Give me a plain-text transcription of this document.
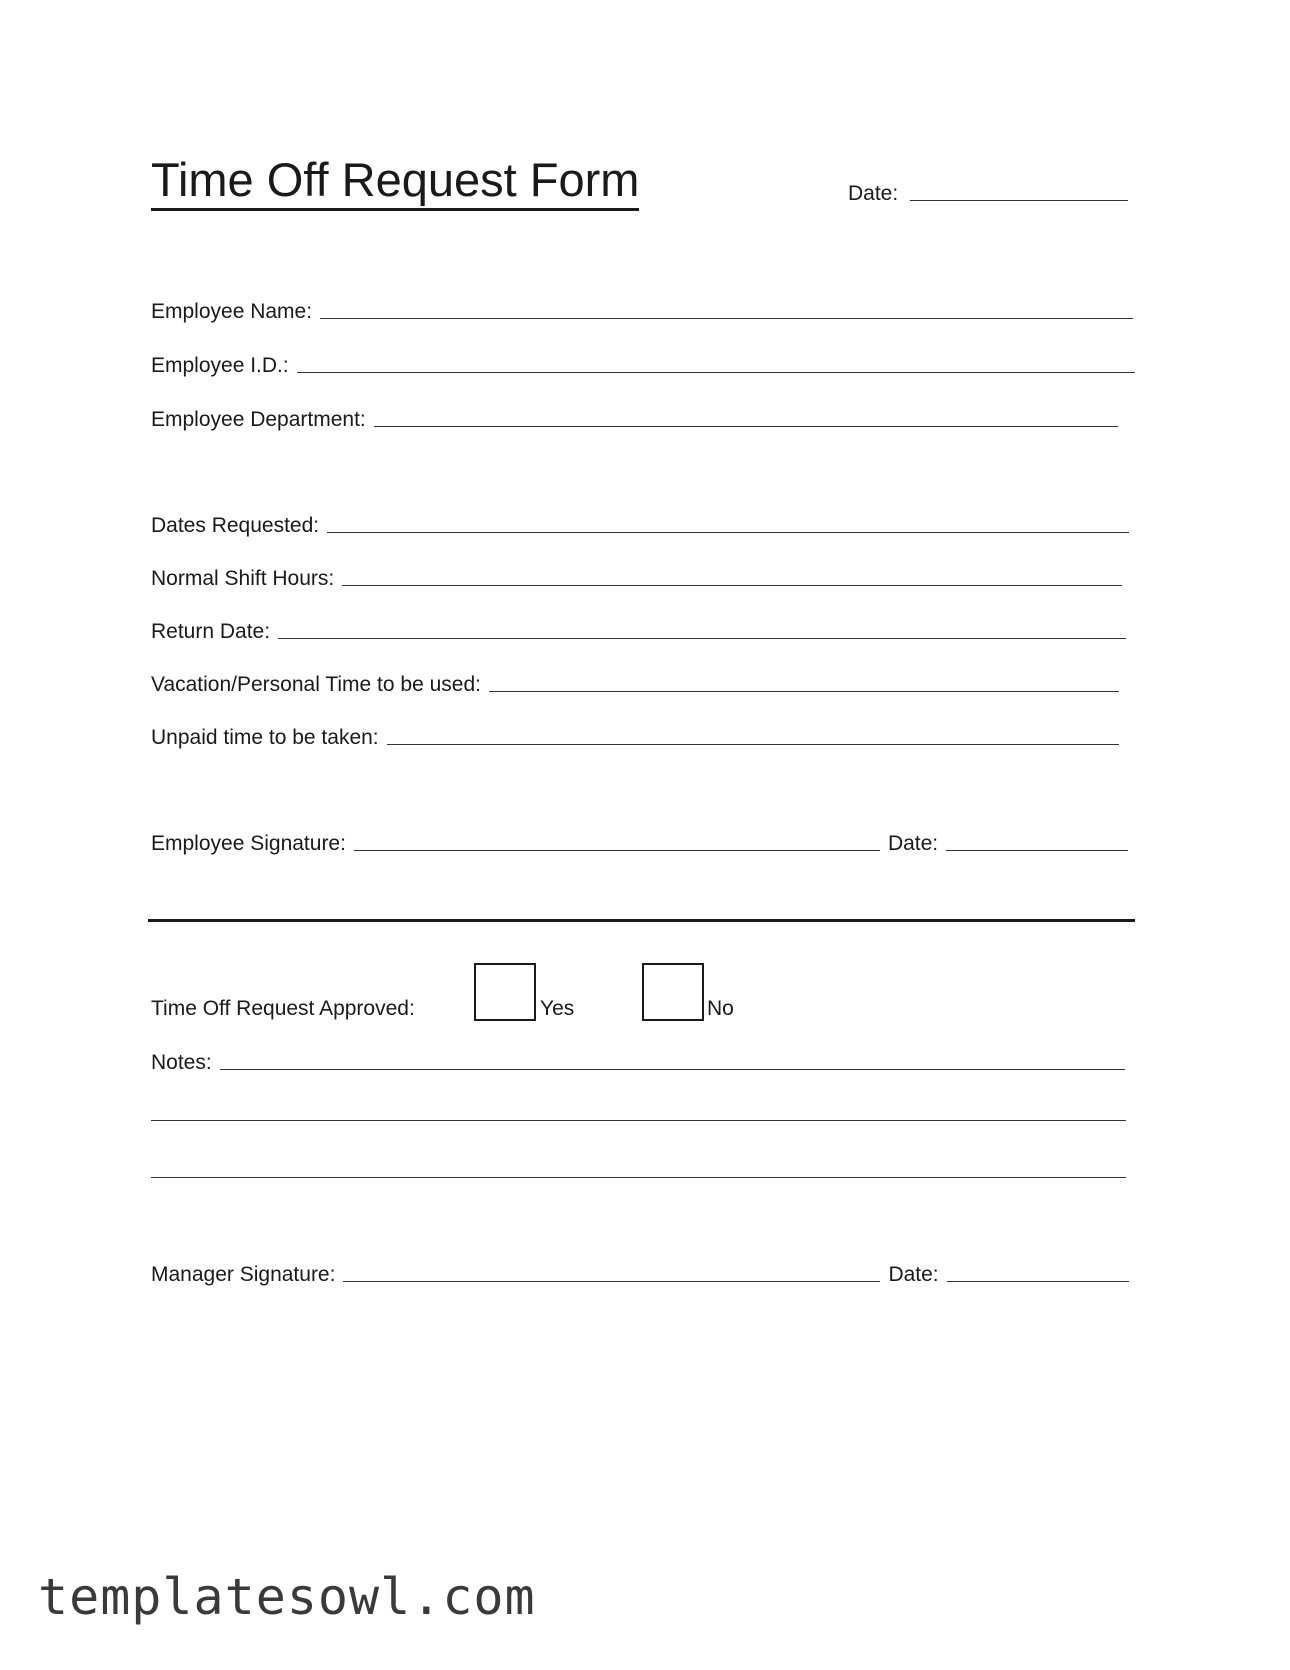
Time Off Request Form	Date:
Employee Name:
Employee I.D.:
Employee Department:
Dates Requested:
Normal Shift Hours:
Return Date:
Vacation/Personal Time to be used:
Unpaid time to be taken:
Employee Signature:	Date:
Time Off Request Approved:	Yes	No
Notes:
Manager Signature:	Date:
templatesowl.com
